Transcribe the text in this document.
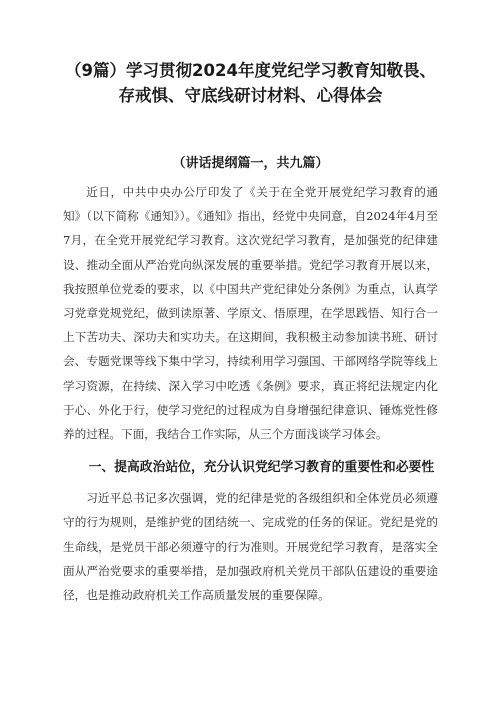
（9篇）学习贯彻2024年度党纪学习教育知敬畏、
存戒惧、守底线研讨材料、心得体会
（讲话提纲篇一，共九篇）

近日，中共中央办公厅印发了《关于在全党开展党纪学习教育的通知》（以下简称《通知》）。《通知》指出，经党中央同意，自2024年4月至7月，在全党开展党纪学习教育。这次党纪学习教育，是加强党的纪律建设、推动全面从严治党向纵深发展的重要举措。党纪学习教育开展以来，我按照单位党委的要求，以《中国共产党纪律处分条例》为重点，认真学习党章党规党纪，做到读原著、学原文、悟原理，在学思践悟、知行合一上下苦功夫、深功夫和实功夫。在这期间，我积极主动参加读书班、研讨会、专题党课等线下集中学习，持续利用学习强国、干部网络学院等线上学习资源，在持续、深入学习中吃透《条例》要求，真正将纪法规定内化于心、外化于行，使学习党纪的过程成为自身增强纪律意识、锤炼党性修养的过程。下面，我结合工作实际，从三个方面浅谈学习体会。

一、提高政治站位，充分认识党纪学习教育的重要性和必要性

习近平总书记多次强调，党的纪律是党的各级组织和全体党员必须遵守的行为规则，是维护党的团结统一、完成党的任务的保证。党纪是党的生命线，是党员干部必须遵守的行为准则。开展党纪学习教育，是落实全面从严治党要求的重要举措，是加强政府机关党员干部队伍建设的重要途径，也是推动政府机关工作高质量发展的重要保障。
